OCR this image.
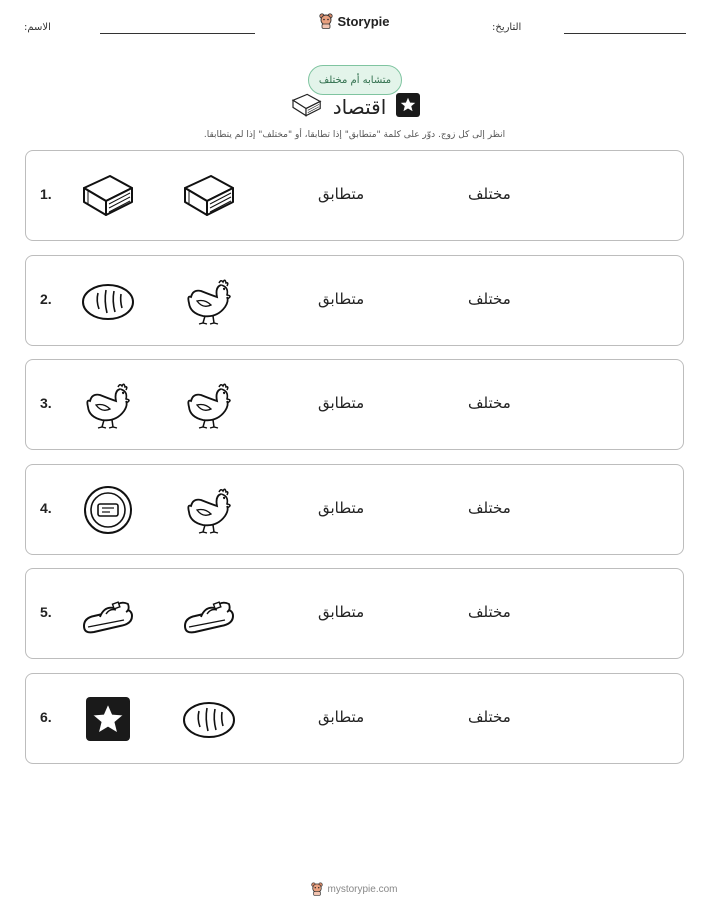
الاسم:	Storypie	التاريخ:
متشابه أم مختلف
اقتصاد
انظر إلى كل زوج. دوّر على كلمة "متطابق" إذا تطابقا، أو "مختلف" إذا لم يتطابقا.
1.	متطابق	مختلف
2.	متطابق	مختلف
3.	متطابق	مختلف
4.	متطابق	مختلف
5.	متطابق	مختلف
6.	متطابق	مختلف
mystorypie.com
